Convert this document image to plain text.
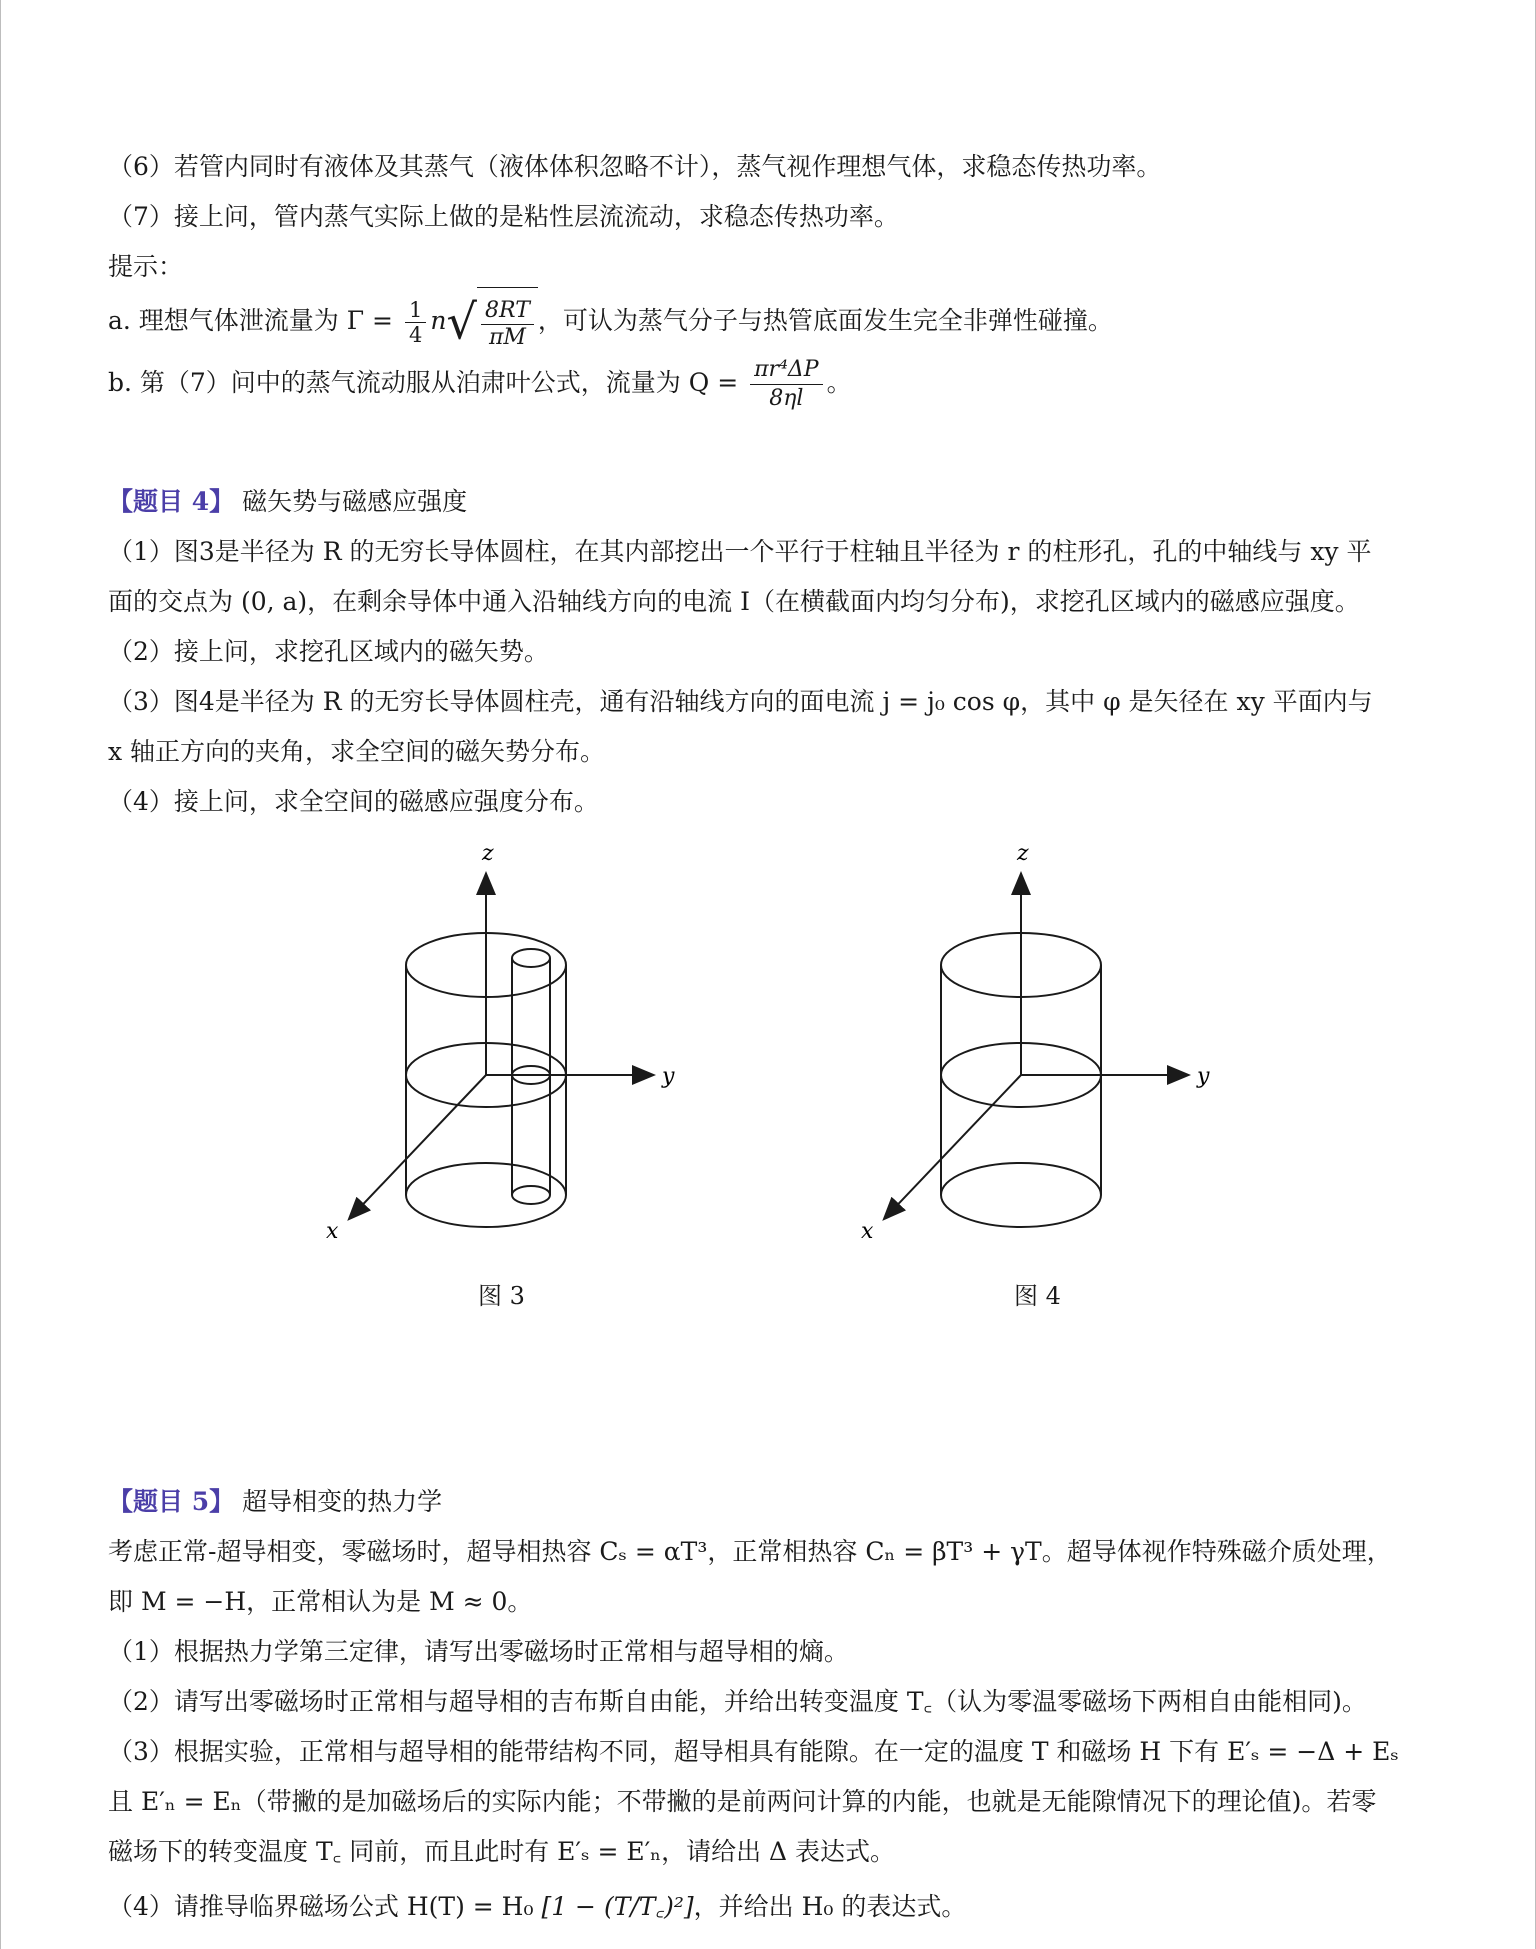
（6）若管内同时有液体及其蒸气（液体体积忽略不计），蒸气视作理想气体，求稳态传热功率。
（7）接上问，管内蒸气实际上做的是粘性层流流动，求稳态传热功率。
提示：
a. 理想气体泄流量为 $\Gamma = \frac{1}{4} n√ \frac{8RT}{\pi M}$ ，可认为蒸气分子与热管底面发生完全非弹性碰撞。
b. 第（7）问中的蒸气流动服从泊肃叶公式，流量为 $Q = \frac{\text{πr⁴ΔP}}{8\eta l}$ 。
【题目 4】 磁矢势与磁感应强度
（1）图3是半径为 R 的无穷长导体圆柱，在其内部挖出一个平行于柱轴且半径为 r 的柱形孔，孔的中轴线与 xy 平
面的交点为 (0, a)，在剩余导体中通入沿轴线方向的电流 I（在横截面内均匀分布)，求挖孔区域内的磁感应强度。
（2）接上问，求挖孔区域内的磁矢势。
（3）图4是半径为 R 的无穷长导体圆柱壳，通有沿轴线方向的面电流 j = j₀ cos φ，其中 φ 是矢径在 xy 平面内与
x 轴正方向的夹角，求全空间的磁矢势分布。
（4）接上问，求全空间的磁感应强度分布。
z
y
x
图 3
z
y
x
图 4
【题目 5】 超导相变的热力学
考虑正常-超导相变，零磁场时，超导相热容 Cₛ = αT³，正常相热容 Cₙ = βT³ + γT。超导体视作特殊磁介质处理，
即 M = −H，正常相认为是 M ≈ 0。
（1）根据热力学第三定律，请写出零磁场时正常相与超导相的熵。
（2）请写出零磁场时正常相与超导相的吉布斯自由能，并给出转变温度 T꜀（认为零温零磁场下两相自由能相同)。
（3）根据实验，正常相与超导相的能带结构不同，超导相具有能隙。在一定的温度 T 和磁场 H 下有 E′ₛ = −Δ + Eₛ
且 E′ₙ = Eₙ（带撇的是加磁场后的实际内能；不带撇的是前两问计算的内能，也就是无能隙情况下的理论值)。若零
磁场下的转变温度 T꜀ 同前，而且此时有 E′ₛ = E′ₙ，请给出 Δ 表达式。
（4）请推导临界磁场公式 H(T) = H₀ [1 − (T/T꜀)²]，并给出 H₀ 的表达式。
